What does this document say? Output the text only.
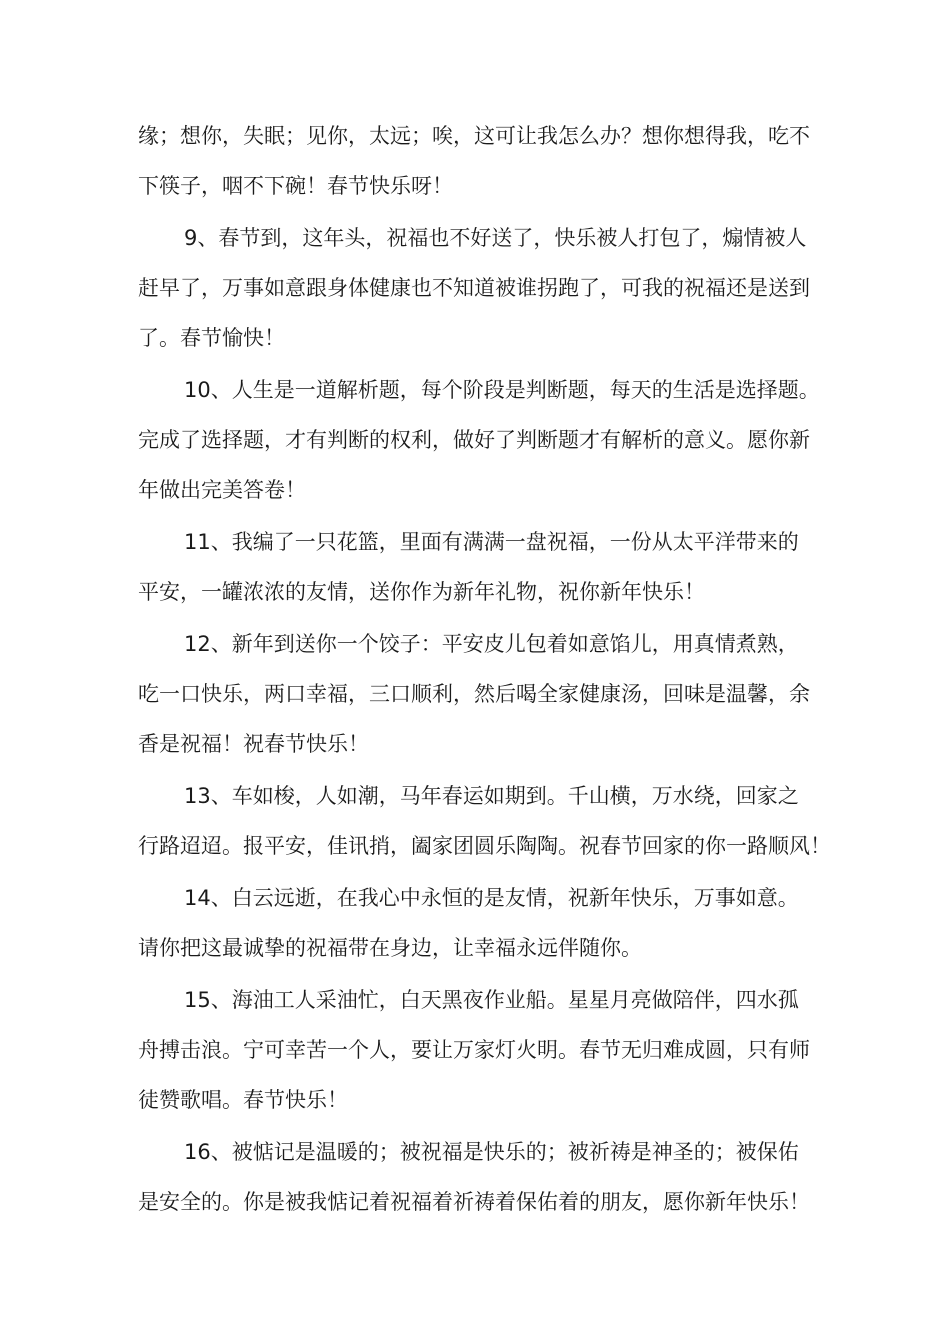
缘；想你，失眠；见你，太远；唉，这可让我怎么办？想你想得我，吃不
下筷子，咽不下碗！春节快乐呀！
9、春节到，这年头，祝福也不好送了，快乐被人打包了，煽情被人
赶早了，万事如意跟身体健康也不知道被谁拐跑了，可我的祝福还是送到
了。春节愉快！
10、人生是一道解析题，每个阶段是判断题，每天的生活是选择题。
完成了选择题，才有判断的权利，做好了判断题才有解析的意义。愿你新
年做出完美答卷！
11、我编了一只花篮，里面有满满一盘祝福，一份从太平洋带来的
平安，一罐浓浓的友情，送你作为新年礼物，祝你新年快乐！
12、新年到送你一个饺子：平安皮儿包着如意馅儿，用真情煮熟，
吃一口快乐，两口幸福，三口顺利，然后喝全家健康汤，回味是温馨，余
香是祝福！祝春节快乐！
13、车如梭，人如潮，马年春运如期到。千山横，万水绕，回家之
行路迢迢。报平安，佳讯捎，阖家团圆乐陶陶。祝春节回家的你一路顺风！
14、白云远逝，在我心中永恒的是友情，祝新年快乐，万事如意。
请你把这最诚挚的祝福带在身边，让幸福永远伴随你。
15、海油工人采油忙，白天黑夜作业船。星星月亮做陪伴，四水孤
舟搏击浪。宁可幸苦一个人，要让万家灯火明。春节无归难成圆，只有师
徒赞歌唱。春节快乐！
16、被惦记是温暖的；被祝福是快乐的；被祈祷是神圣的；被保佑
是安全的。你是被我惦记着祝福着祈祷着保佑着的朋友，愿你新年快乐！
